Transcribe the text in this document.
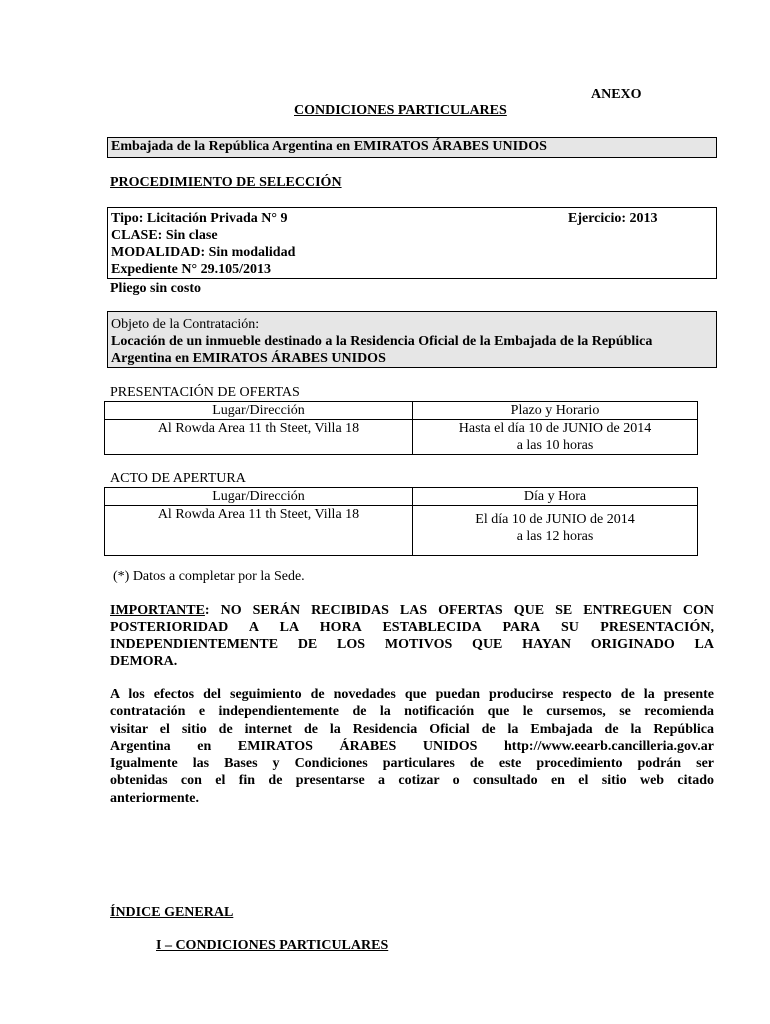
ANEXO
CONDICIONES PARTICULARES
Embajada de la República Argentina en EMIRATOS ÁRABES UNIDOS
PROCEDIMIENTO DE SELECCIÓN
Tipo: Licitación Privada N° 9	Ejercicio: 2013
CLASE: Sin clase
MODALIDAD: Sin modalidad
Expediente N° 29.105/2013
Pliego sin costo
Objeto de la Contratación:
Locación de un inmueble destinado a la Residencia Oficial de la Embajada de la República
Argentina en EMIRATOS ÁRABES UNIDOS
PRESENTACIÓN DE OFERTAS
Lugar/Dirección	Plazo y Horario

Al Rowda Area 11 th Steet, Villa 18	Hasta el día 10 de JUNIO de 2014
a las 10 horas
ACTO DE APERTURA
Lugar/Dirección	Día y Hora

Al Rowda Area 11 th Steet, Villa 18	El día 10 de JUNIO de 2014
a las 12 horas
(*) Datos a completar por la Sede.
IMPORTANTE: NO SERÁN RECIBIDAS LAS OFERTAS QUE SE ENTREGUEN CON
POSTERIORIDAD A LA HORA ESTABLECIDA PARA SU PRESENTACIÓN,
INDEPENDIENTEMENTE DE LOS MOTIVOS QUE HAYAN ORIGINADO LA
DEMORA.
A los efectos del seguimiento de novedades que puedan producirse respecto de la presente
contratación e independientemente de la notificación que le cursemos, se recomienda
visitar el sitio de internet de la Residencia Oficial de la Embajada de la República
Argentina en EMIRATOS ÁRABES UNIDOS http://www.eearb.cancilleria.gov.ar
Igualmente las Bases y Condiciones particulares de este procedimiento podrán ser
obtenidas con el fin de presentarse a cotizar o consultado en el sitio web citado
anteriormente.
ÍNDICE GENERAL
I – CONDICIONES PARTICULARES
